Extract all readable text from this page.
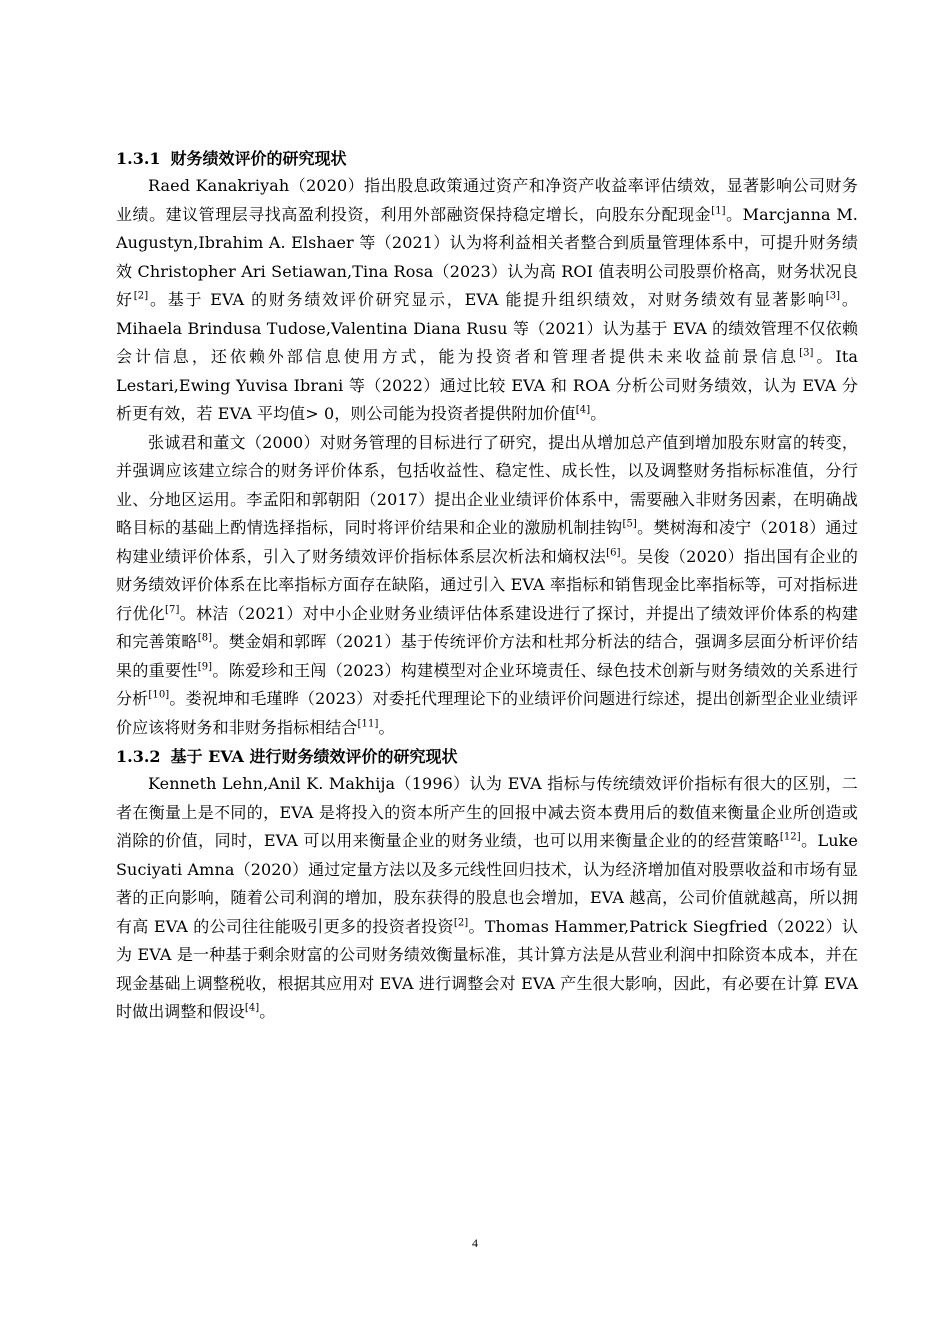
1.3.1 财务绩效评价的研究现状

Raed Kanakriyah（2020）指出股息政策通过资产和净资产收益率评估绩效，显著影响公司财务业绩。建议管理层寻找高盈利投资，利用外部融资保持稳定增长，向股东分配现金[1]。Marcjanna M. Augustyn,Ibrahim A. Elshaer 等（2021）认为将利益相关者整合到质量管理体系中，可提升财务绩效 Christopher Ari Setiawan,Tina Rosa（2023）认为高 ROI 值表明公司股票价格高，财务状况良好[2]。基于 EVA 的财务绩效评价研究显示，EVA 能提升组织绩效，对财务绩效有显著影响[3]。Mihaela Brindusa Tudose,Valentina Diana Rusu 等（2021）认为基于 EVA 的绩效管理不仅依赖会计信息，还依赖外部信息使用方式，能为投资者和管理者提供未来收益前景信息[3]。Ita Lestari,Ewing Yuvisa Ibrani 等（2022）通过比较 EVA 和 ROA 分析公司财务绩效，认为 EVA 分析更有效，若 EVA 平均值> 0，则公司能为投资者提供附加价值[4]。

张诚君和董文（2000）对财务管理的目标进行了研究，提出从增加总产值到增加股东财富的转变，并强调应该建立综合的财务评价体系，包括收益性、稳定性、成长性，以及调整财务指标标准值，分行业、分地区运用。李孟阳和郭朝阳（2017）提出企业业绩评价体系中，需要融入非财务因素，在明确战略目标的基础上酌情选择指标，同时将评价结果和企业的激励机制挂钩[5]。樊树海和凌宁（2018）通过构建业绩评价体系，引入了财务绩效评价指标体系层次析法和熵权法[6]。吴俊（2020）指出国有企业的财务绩效评价体系在比率指标方面存在缺陷，通过引入 EVA 率指标和销售现金比率指标等，可对指标进行优化[7]。林洁（2021）对中小企业财务业绩评估体系建设进行了探讨，并提出了绩效评价体系的构建和完善策略[8]。樊金娟和郭晖（2021）基于传统评价方法和杜邦分析法的结合，强调多层面分析评价结果的重要性[9]。陈爱珍和王闯（2023）构建模型对企业环境责任、绿色技术创新与财务绩效的关系进行分析[10]。娄祝坤和毛瑾晔（2023）对委托代理理论下的业绩评价问题进行综述，提出创新型企业业绩评价应该将财务和非财务指标相结合[11]。

1.3.2 基于 EVA 进行财务绩效评价的研究现状

Kenneth Lehn,Anil K. Makhija（1996）认为 EVA 指标与传统绩效评价指标有很大的区别，二者在衡量上是不同的，EVA 是将投入的资本所产生的回报中减去资本费用后的数值来衡量企业所创造或消除的价值，同时，EVA 可以用来衡量企业的财务业绩，也可以用来衡量企业的的经营策略[12]。Luke Suciyati Amna（2020）通过定量方法以及多元线性回归技术，认为经济增加值对股票收益和市场有显著的正向影响，随着公司利润的增加，股东获得的股息也会增加，EVA 越高，公司价值就越高，所以拥有高 EVA 的公司往往能吸引更多的投资者投资[2]。Thomas Hammer,Patrick Siegfried（2022）认为 EVA 是一种基于剩余财富的公司财务绩效衡量标准，其计算方法是从营业利润中扣除资本成本，并在现金基础上调整税收，根据其应用对 EVA 进行调整会对 EVA 产生很大影响，因此，有必要在计算 EVA 时做出调整和假设[4]。

4
